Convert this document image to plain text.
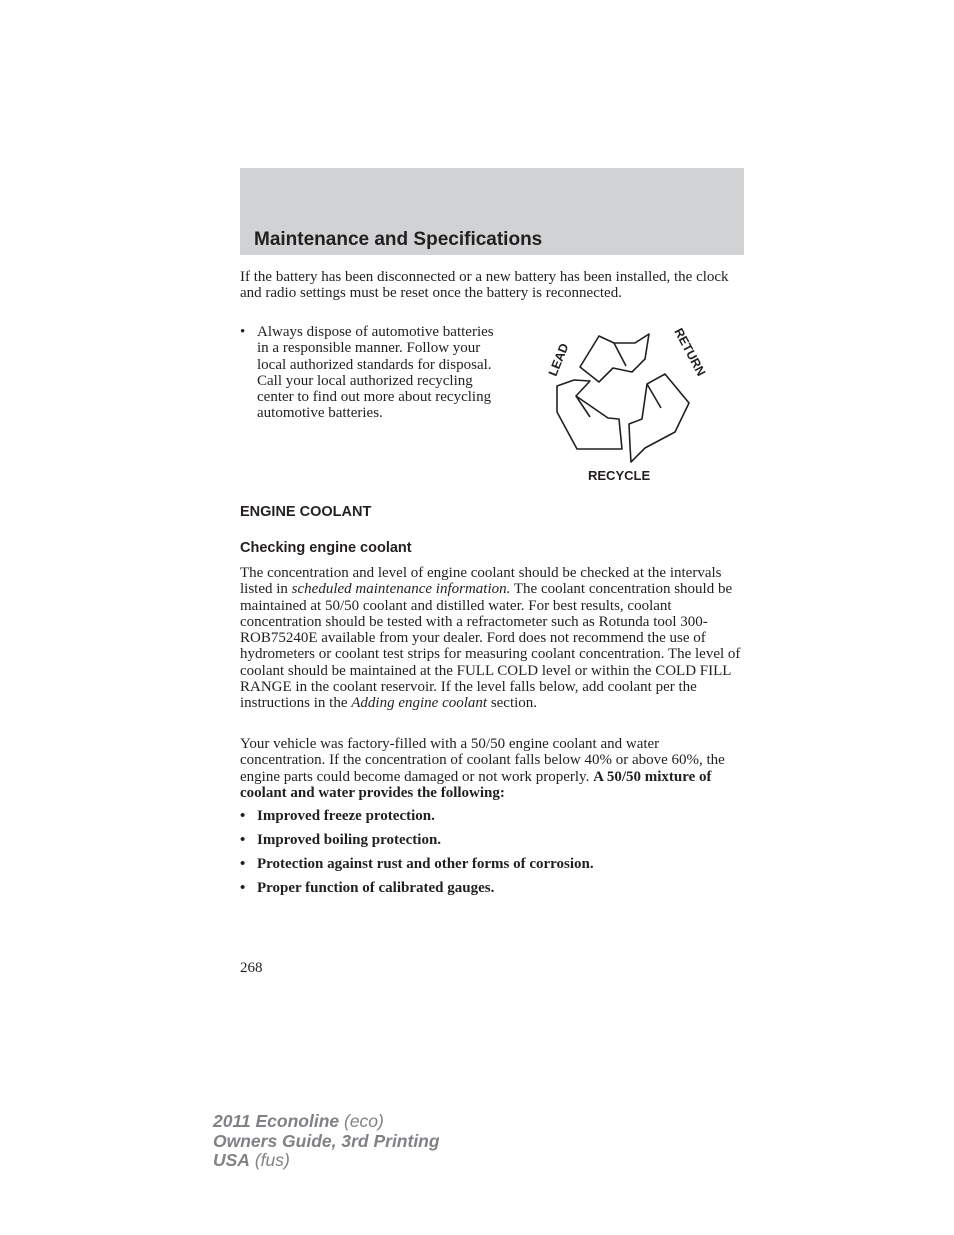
Maintenance and Specifications

If the battery has been disconnected or a new battery has been installed, the clock and radio settings must be reset once the battery is reconnected.

• Always dispose of automotive batteries in a responsible manner. Follow your local authorized standards for disposal. Call your local authorized recycling center to find out more about recycling automotive batteries.
LEAD	RETURN
RECYCLE
ENGINE COOLANT
Checking engine coolant

The concentration and level of engine coolant should be checked at the intervals listed in scheduled maintenance information. The coolant concentration should be maintained at 50/50 coolant and distilled water. For best results, coolant concentration should be tested with a refractometer such as Rotunda tool 300- ROB75240E available from your dealer. Ford does not recommend the use of hydrometers or coolant test strips for measuring coolant concentration. The level of coolant should be maintained at the FULL COLD level or within the COLD FILL RANGE in the coolant reservoir. If the level falls below, add coolant per the instructions in the Adding engine coolant section.

Your vehicle was factory-filled with a 50/50 engine coolant and water concentration. If the concentration of coolant falls below 40% or above 60%, the engine parts could become damaged or not work properly. A 50/50 mixture of coolant and water provides the following:

• Improved freeze protection.
• Improved boiling protection.
• Protection against rust and other forms of corrosion.
• Proper function of calibrated gauges.

268

2011 Econoline (eco)
Owners Guide, 3rd Printing
USA (fus)
